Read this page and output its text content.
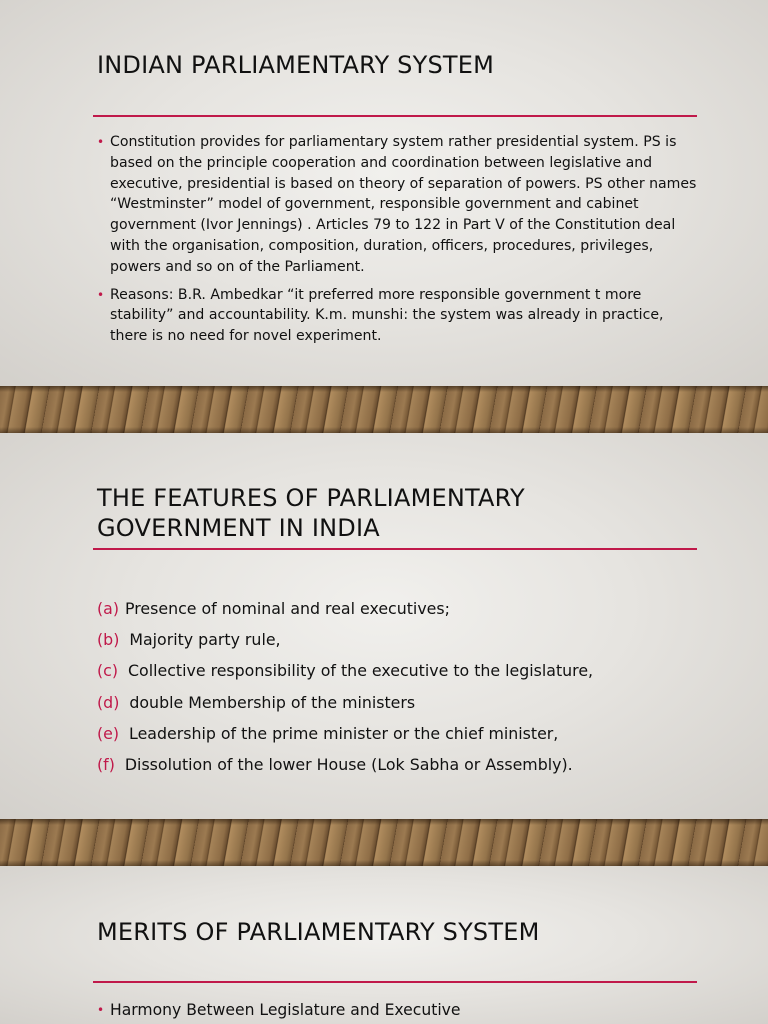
INDIAN PARLIAMENTARY SYSTEM
• Constitution provides for parliamentary system rather presidential system. PS is based on the principle cooperation and coordination between legislative and executive, presidential is based on theory of separation of powers. PS other names “Westminster” model of government, responsible government and cabinet government (Ivor Jennings) . Articles 79 to 122 in Part V of the Constitution deal with the organisation, composition, duration, officers, procedures, privileges, powers and so on of the Parliament.
• Reasons: B.R. Ambedkar “it preferred more responsible government t more stability” and accountability. K.m. munshi: the system was already in practice, there is no need for novel experiment.
THE FEATURES OF PARLIAMENTARY
GOVERNMENT IN INDIA
(a) Presence of nominal and real executives;
(b) Majority party rule,
(c) Collective responsibility of the executive to the legislature,
(d) double Membership of the ministers
(e) Leadership of the prime minister or the chief minister,
(f) Dissolution of the lower House (Lok Sabha or Assembly).
MERITS OF PARLIAMENTARY SYSTEM
• Harmony Between Legislature and Executive
